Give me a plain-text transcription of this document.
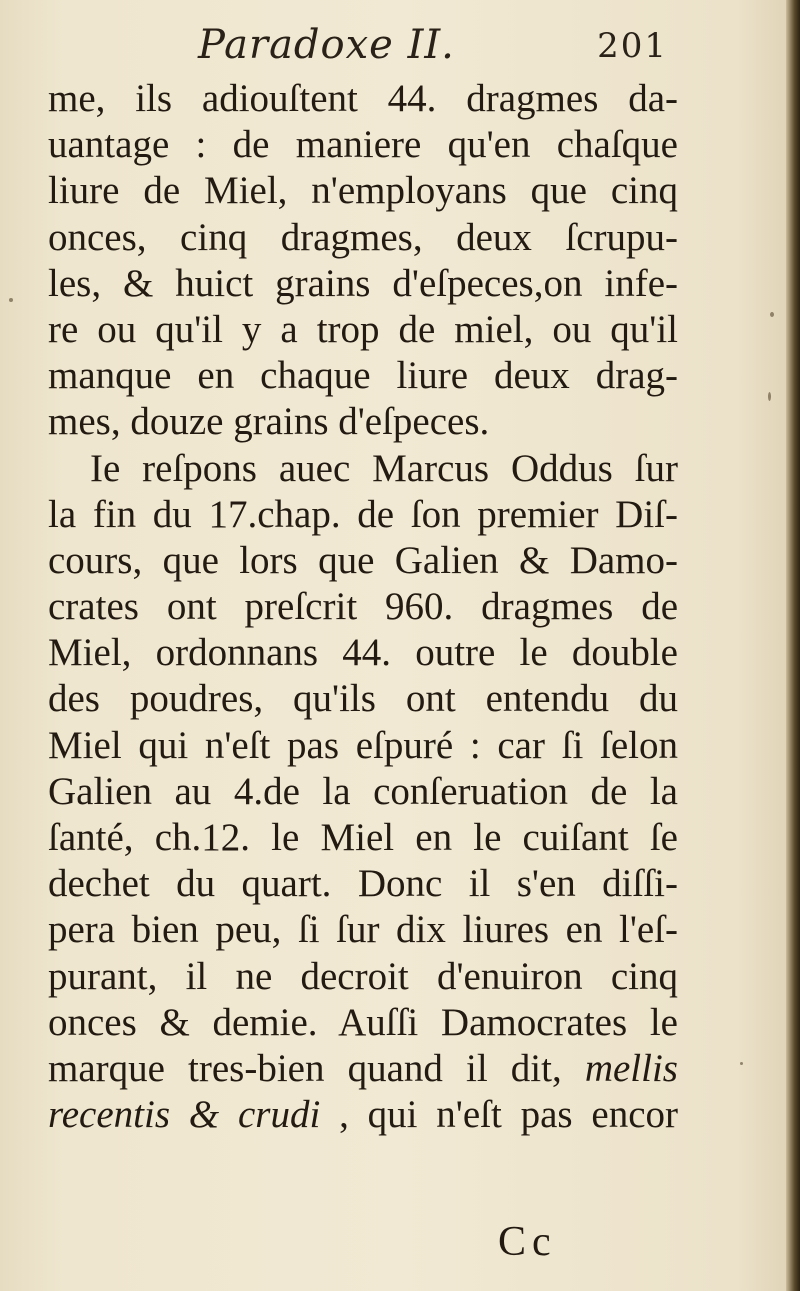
Paradoxe II.	201
me, ils adiouſtent 44. dragmes da-
uantage : de maniere qu'en chaſque
liure de Miel, n'employans que cinq
onces, cinq dragmes, deux ſcrupu-
les, & huict grains d'eſpeces,on infe-
re ou qu'il y a trop de miel, ou qu'il
manque en chaque liure deux drag-
mes, douze grains d'eſpeces.
Ie reſpons auec Marcus Oddus ſur
la fin du 17.chap. de ſon premier Diſ-
cours, que lors que Galien & Damo-
crates ont preſcrit 960. dragmes de
Miel, ordonnans 44. outre le double
des poudres, qu'ils ont entendu du
Miel qui n'eſt pas eſpuré : car ſi ſelon
Galien au 4.de la conſeruation de la
ſanté, ch.12. le Miel en le cuiſant ſe
dechet du quart. Donc il s'en diſſi-
pera bien peu, ſi ſur dix liures en l'eſ-
purant, il ne decroit d'enuiron cinq
onces & demie. Auſſi Damocrates le
marque tres-bien quand il dit, mellis
recentis & crudi , qui n'eſt pas encor
Cc
